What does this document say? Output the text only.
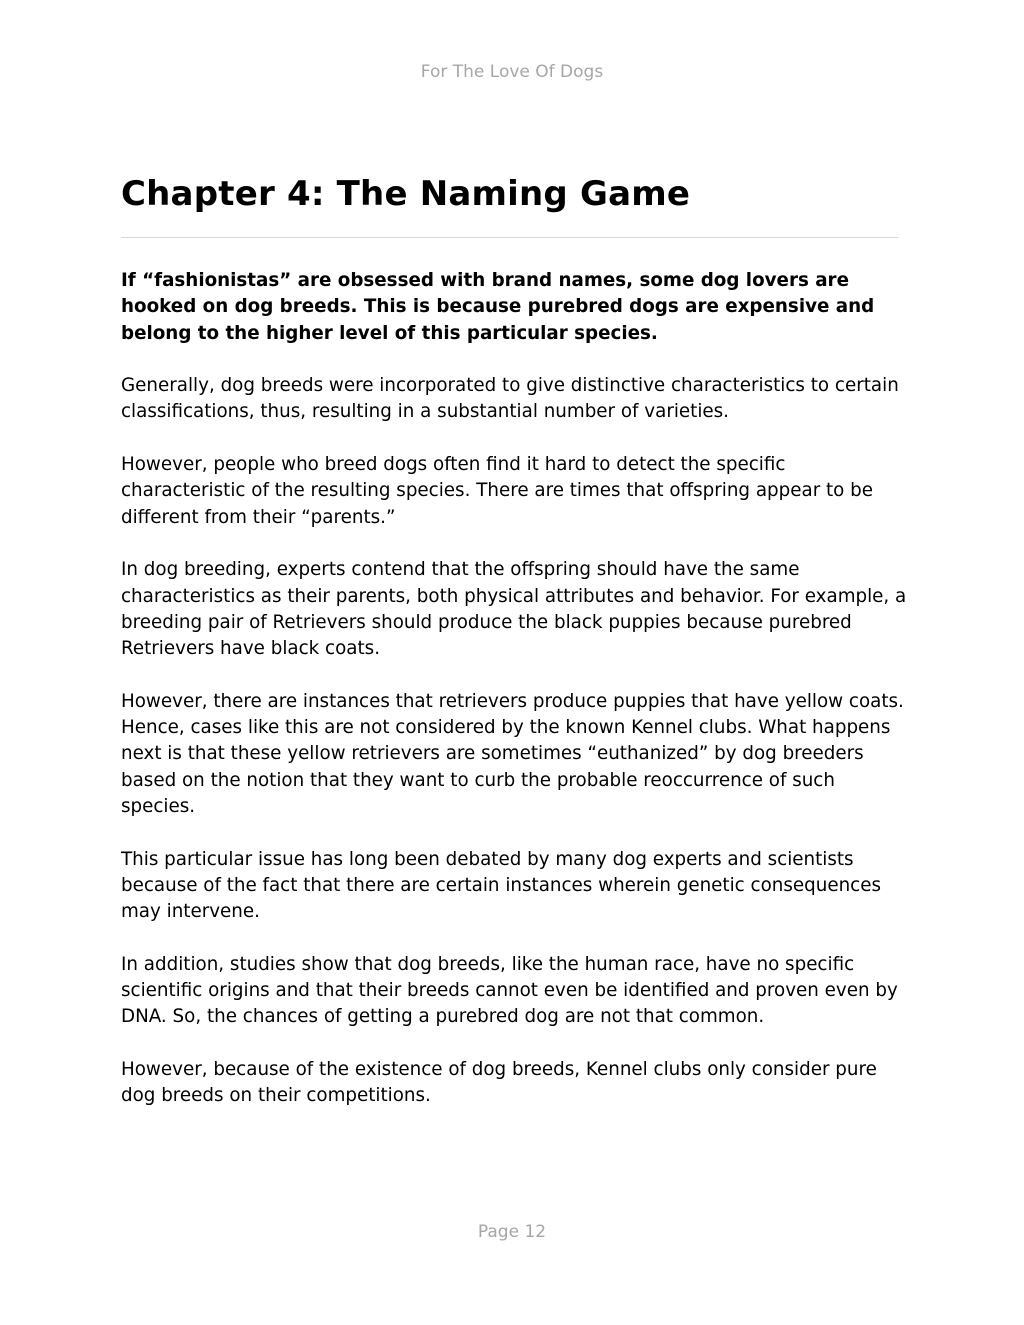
For The Love Of Dogs
Chapter 4: The Naming Game

If “fashionistas” are obsessed with brand names, some dog lovers are hooked on dog breeds. This is because purebred dogs are expensive and belong to the higher level of this particular species.

Generally, dog breeds were incorporated to give distinctive characteristics to certain classifications, thus, resulting in a substantial number of varieties.

However, people who breed dogs often find it hard to detect the specific characteristic of the resulting species. There are times that offspring appear to be different from their “parents.”

In dog breeding, experts contend that the offspring should have the same characteristics as their parents, both physical attributes and behavior. For example, a breeding pair of Retrievers should produce the black puppies because purebred Retrievers have black coats.

However, there are instances that retrievers produce puppies that have yellow coats. Hence, cases like this are not considered by the known Kennel clubs. What happens next is that these yellow retrievers are sometimes “euthanized” by dog breeders based on the notion that they want to curb the probable reoccurrence of such species.

This particular issue has long been debated by many dog experts and scientists because of the fact that there are certain instances wherein genetic consequences may intervene.

In addition, studies show that dog breeds, like the human race, have no specific scientific origins and that their breeds cannot even be identified and proven even by DNA. So, the chances of getting a purebred dog are not that common.

However, because of the existence of dog breeds, Kennel clubs only consider pure dog breeds on their competitions.

Page 12
